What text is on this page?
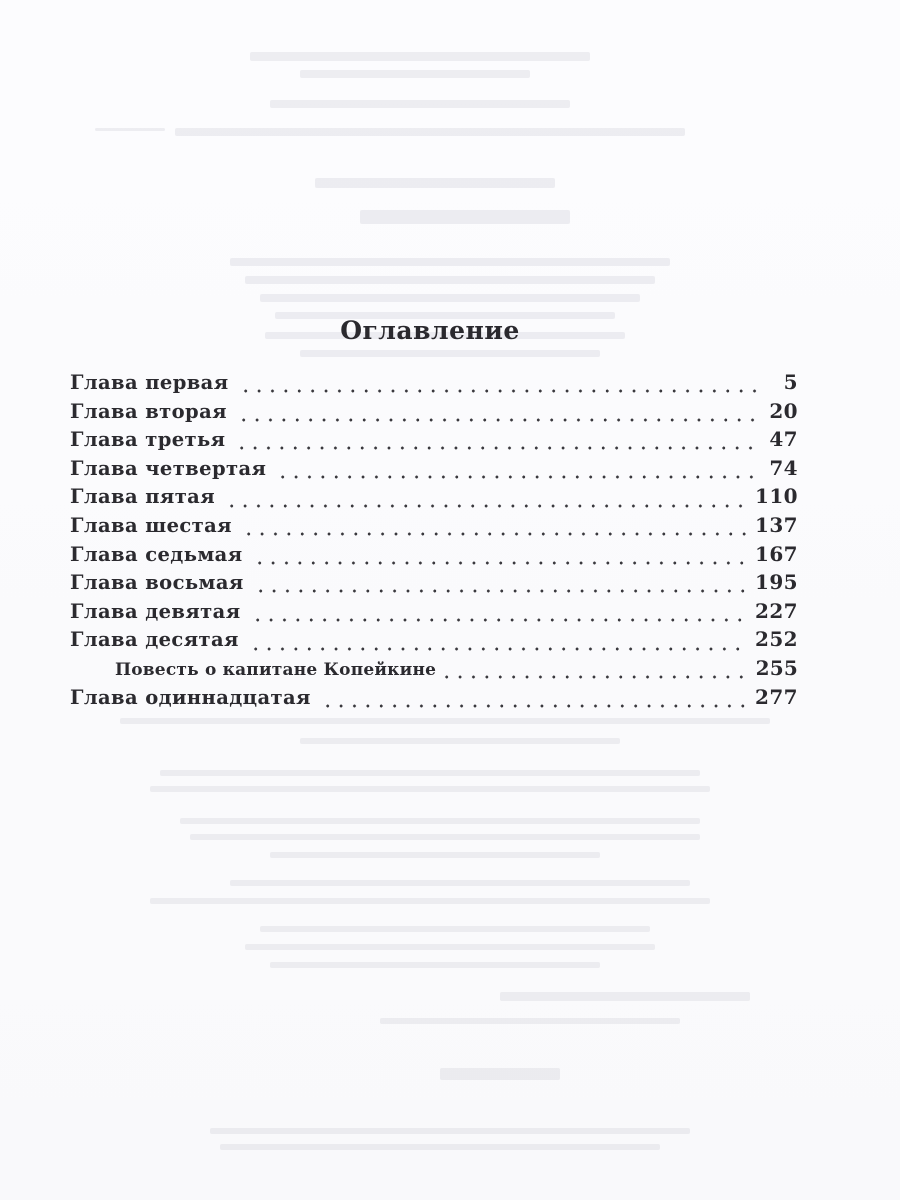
Оглавление
Глава первая	5
Глава вторая	20
Глава третья	47
Глава четвертая	74
Глава пятая	110
Глава шестая	137
Глава седьмая	167
Глава восьмая	195
Глава девятая	227
Глава десятая	252
Повесть о капитане Копейкине	255
Глава одиннадцатая	277
